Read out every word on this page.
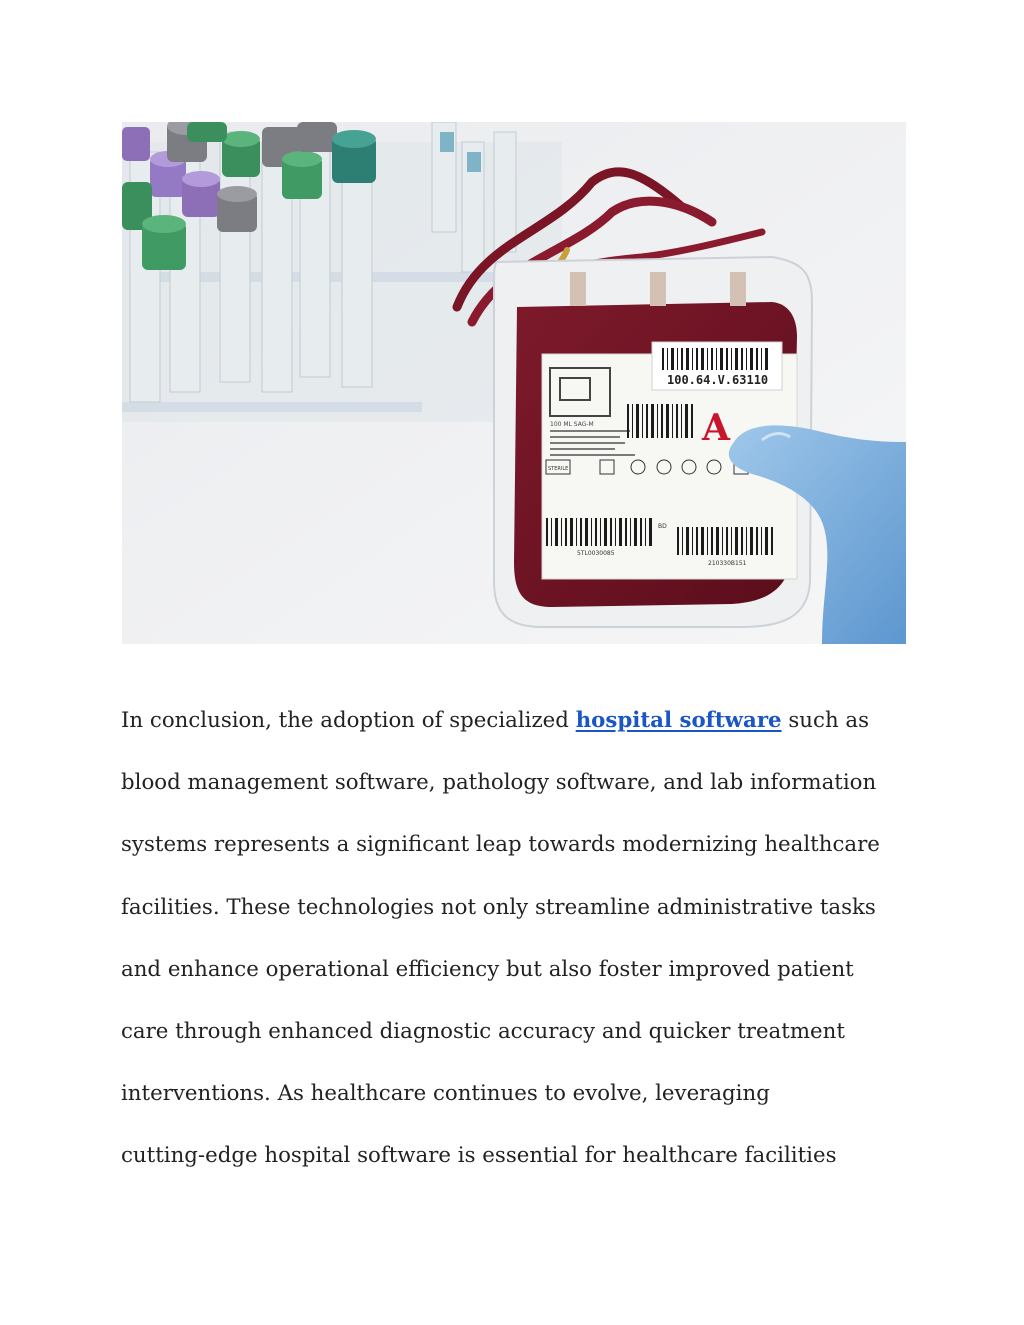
100.64.V.63110
100 ML SAG-M	A
STERILE
BD
5TL0030085
210330B151
In conclusion, the adoption of specialized hospital software such as
blood management software, pathology software, and lab information
systems represents a significant leap towards modernizing healthcare
facilities. These technologies not only streamline administrative tasks
and enhance operational efficiency but also foster improved patient
care through enhanced diagnostic accuracy and quicker treatment
interventions. As healthcare continues to evolve, leveraging
cutting-edge hospital software is essential for healthcare facilities
